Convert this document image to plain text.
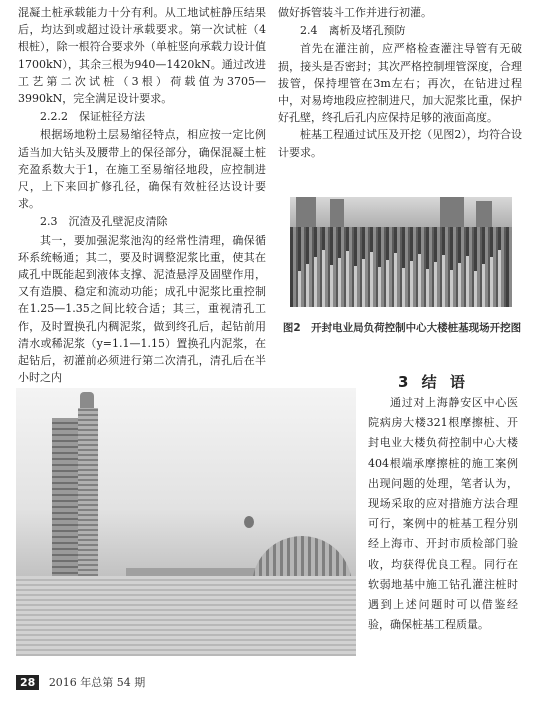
混凝土桩承载能力十分有利。从工地试桩静压结果后，均达到或超过设计承载要求。第一次试桩（4根桩），除一根符合要求外（单桩竖向承载力设计值1700kN），其余三根为940—1420kN。通过改进工艺第二次试桩（3根）荷载值为3705—3990kN，完全满足设计要求。

2.2.2　保证桩径方法

根据场地粉土层易缩径特点，相应按一定比例适当加大钻头及腰带上的保径部分，确保混凝土桩充盈系数大于1，在施工至易缩径地段，应控制进尺，上下来回扩修孔径，确保有效桩径达设计要求。

2.3　沉渣及孔壁泥皮清除

其一，要加强泥浆池沟的经常性清理，确保循环系统畅通；其二，要及时调整泥浆比重，使其在咸孔中既能起到液体支撑、泥渣悬浮及固壁作用，又有造膜、稳定和流动功能；成孔中泥浆比重控制在1.25—1.35之间比较合适；其三，重视清孔工作，及时置换孔内稠泥浆，做到终孔后，起钻前用清水或稀泥浆（y=1.1—1.15）置换孔内泥浆，在起钻后，初灌前必须进行第二次清孔，清孔后在半小时之内

做好拆管装斗工作并进行初灌。

2.4　离析及堵孔预防

首先在灌注前，应严格检查灌注导管有无破损，接头是否密封；其次严格控制埋管深度，合理拔管，保持埋管在3m左右；再次，在钻进过程中，对易垮地段应控制进尺，加大泥浆比重，保护好孔壁，终孔后孔内应保持足够的液面高度。

桩基工程通过试压及开挖（见图2），均符合设计要求。

图2　开封电业局负荷控制中心大楼桩基现场开挖图
3 结 语

通过对上海静安区中心医院病房大楼321根摩擦桩、开封电业大楼负荷控制中心大楼404根端承摩擦桩的施工案例出现问题的处理，笔者认为，现场采取的应对措施方法合理可行，案例中的桩基工程分别经上海市、开封市质检部门验收，均获得优良工程。同行在软弱地基中施工钻孔灌注桩时遇到上述问题时可以借鉴经验，确保桩基工程质量。

28 2016 年总第 54 期
